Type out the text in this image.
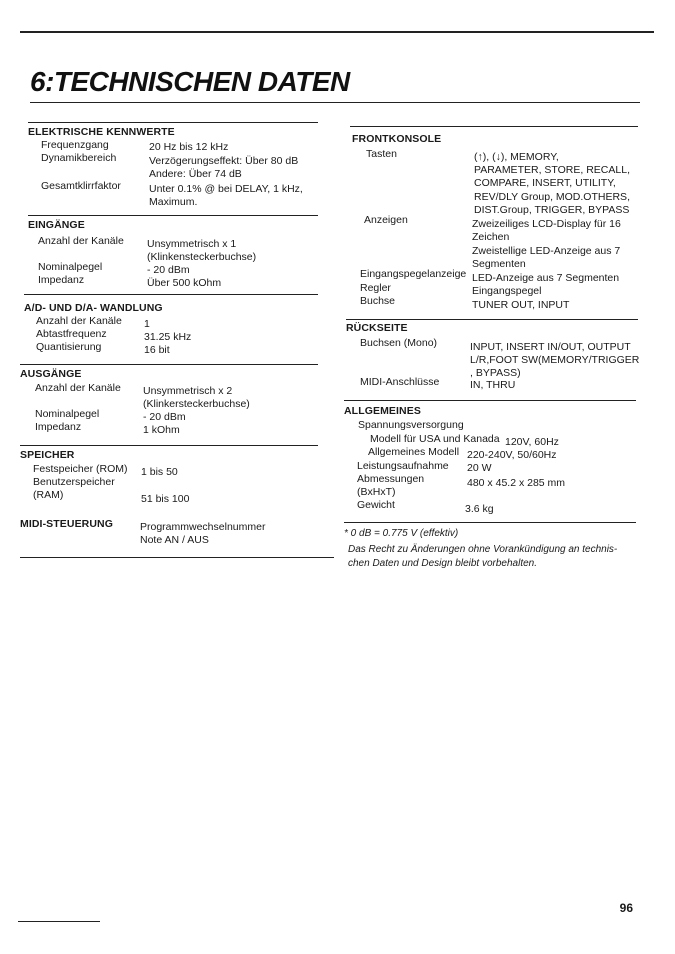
6:TECHNISCHEN DATEN
ELEKTRISCHE KENNWERTE
Frequenzgang	20 Hz bis 12 kHz
Dynamikbereich	Verzögerungseffekt: Über 80 dB
Andere: Über 74 dB
Gesamtklirrfaktor	Unter 0.1% @ bei DELAY, 1 kHz,
Maximum.
EINGÄNGE
Anzahl der Kanäle Unsymmetrisch x 1
(Klinkensteckerbuchse)
Nominalpegel	- 20 dBm
Impedanz	Über 500 kOhm
A/D- UND D/A- WANDLUNG
Anzahl der Kanäle 1
Abtastfrequenz	31.25 kHz
Quantisierung	16 bit
AUSGÄNGE
Anzahl der Kanäle Unsymmetrisch x 2
(Klinkersteckerbuchse)
Nominalpegel	- 20 dBm
Impedanz	1 kOhm
SPEICHER
Festspeicher (ROM) 1 bis 50
Benutzerspeicher
(RAM)	51 bis 100
MIDI-STEUERUNG	Programmwechselnummer
Note AN / AUS
FRONTKONSOLE
Tasten	(↑), (↓), MEMORY,
PARAMETER, STORE, RECALL,
COMPARE, INSERT, UTILITY,
REV/DLY Group, MOD.OTHERS,
DIST.Group, TRIGGER, BYPASS
Anzeigen	Zweizeiliges LCD-Display für 16
Zeichen
Zweistellige LED-Anzeige aus 7
Segmenten
Eingangspegelanzeige LED-Anzeige aus 7 Segmenten
Regler	Eingangspegel
Buchse	TUNER OUT, INPUT
RÜCKSEITE
Buchsen (Mono)	INPUT, INSERT IN/OUT, OUTPUT
L/R,FOOT SW(MEMORY/TRIGGER
, BYPASS)
MIDI-Anschlüsse	IN, THRU
ALLGEMEINES
Spannungsversorgung
Modell für USA und Kanada 120V, 60Hz
Allgemeines Modell 220-240V, 50/60Hz
Leistungsaufnahme 20 W
Abmessungen	480 x 45.2 x 285 mm
(BxHxT)
Gewicht	3.6 kg
* 0 dB = 0.775 V (effektiv)
Das Recht zu Änderungen ohne Vorankündigung an technis-
chen Daten und Design bleibt vorbehalten.
96
